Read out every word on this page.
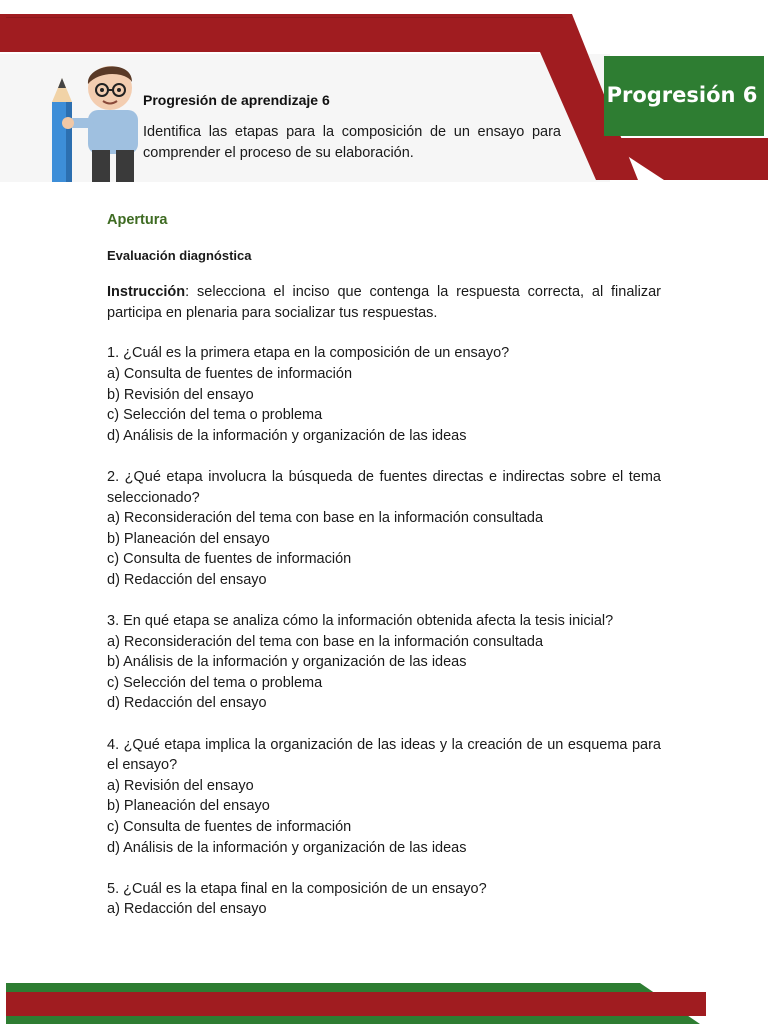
Progresión 6
Progresión de aprendizaje 6
Identifica las etapas para la composición de un ensayo para comprender el proceso de su elaboración.
Apertura
Evaluación diagnóstica
Instrucción: selecciona el inciso que contenga la respuesta correcta, al finalizar participa en plenaria para socializar tus respuestas.
1. ¿Cuál es la primera etapa en la composición de un ensayo?
a) Consulta de fuentes de información
b) Revisión del ensayo
c) Selección del tema o problema
d) Análisis de la información y organización de las ideas
2. ¿Qué etapa involucra la búsqueda de fuentes directas e indirectas sobre el tema seleccionado?
a) Reconsideración del tema con base en la información consultada
b) Planeación del ensayo
c) Consulta de fuentes de información
d) Redacción del ensayo
3. En qué etapa se analiza cómo la información obtenida afecta la tesis inicial?
a) Reconsideración del tema con base en la información consultada
b) Análisis de la información y organización de las ideas
c) Selección del tema o problema
d) Redacción del ensayo
4. ¿Qué etapa implica la organización de las ideas y la creación de un esquema para el ensayo?
a) Revisión del ensayo
b) Planeación del ensayo
c) Consulta de fuentes de información
d) Análisis de la información y organización de las ideas
5. ¿Cuál es la etapa final en la composición de un ensayo?
a) Redacción del ensayo
